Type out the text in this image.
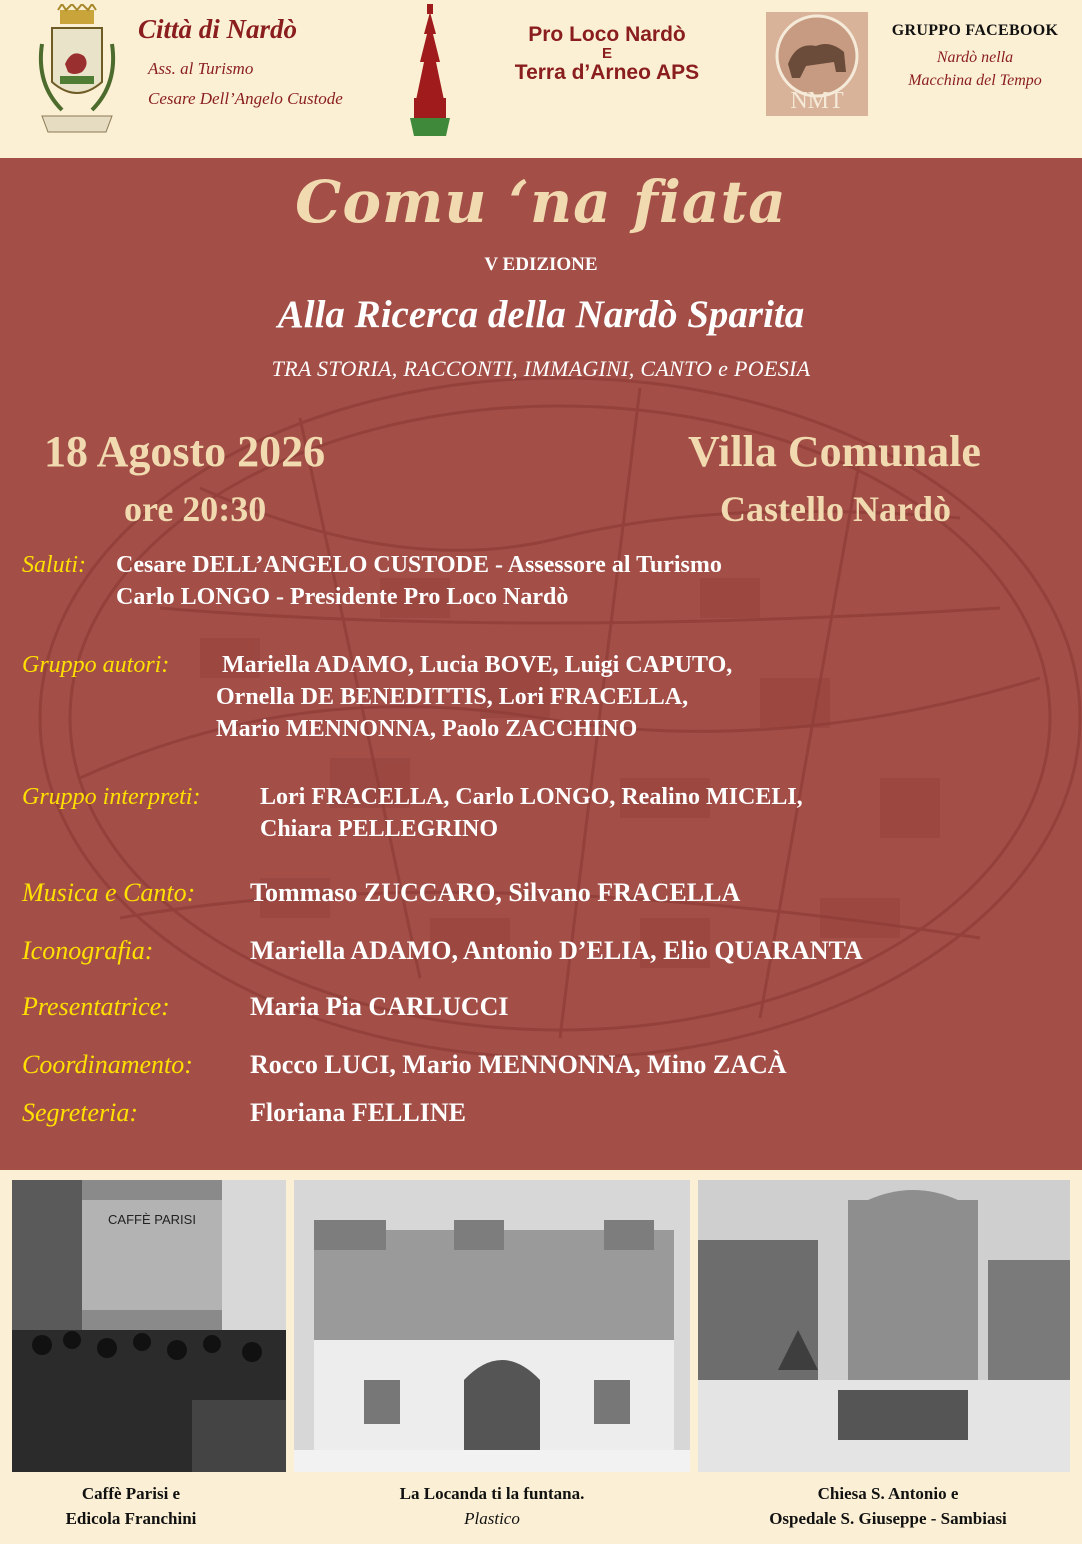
Città di Nardò
Ass. al Turismo
Cesare Dell’Angelo Custode
Pro Loco Nardò
E
Terra d’Arneo APS
NMT
GRUPPO FACEBOOK
Nardò nella
Macchina del Tempo
Comu ‘na fiata
V EDIZIONE
Alla Ricerca della Nardò Sparita
TRA STORIA, RACCONTI, IMMAGINI, CANTO e POESIA
18 Agosto 2026
ore 20:30
Villa Comunale
Castello Nardò
Saluti: Cesare DELL’ANGELO CUSTODE - Assessore al Turismo
Carlo LONGO - Presidente Pro Loco Nardò
Gruppo autori: Mariella ADAMO, Lucia BOVE, Luigi CAPUTO,
Ornella DE BENEDITTIS, Lori FRACELLA,
Mario MENNONNA, Paolo ZACCHINO
Gruppo interpreti: Lori FRACELLA, Carlo LONGO, Realino MICELI,
Chiara PELLEGRINO
Musica e Canto: Tommaso ZUCCARO, Silvano FRACELLA
Iconografia:	Mariella ADAMO, Antonio D’ELIA, Elio QUARANTA
Presentatrice:	Maria Pia CARLUCCI
Coordinamento: Rocco LUCI, Mario MENNONNA, Mino ZACÀ
Segreteria:	Floriana FELLINE
CAFFÈ PARISI
Caffè Parisi e
Edicola Franchini
La Locanda ti la funtana.
Plastico
Chiesa S. Antonio e
Ospedale S. Giuseppe - Sambiasi
